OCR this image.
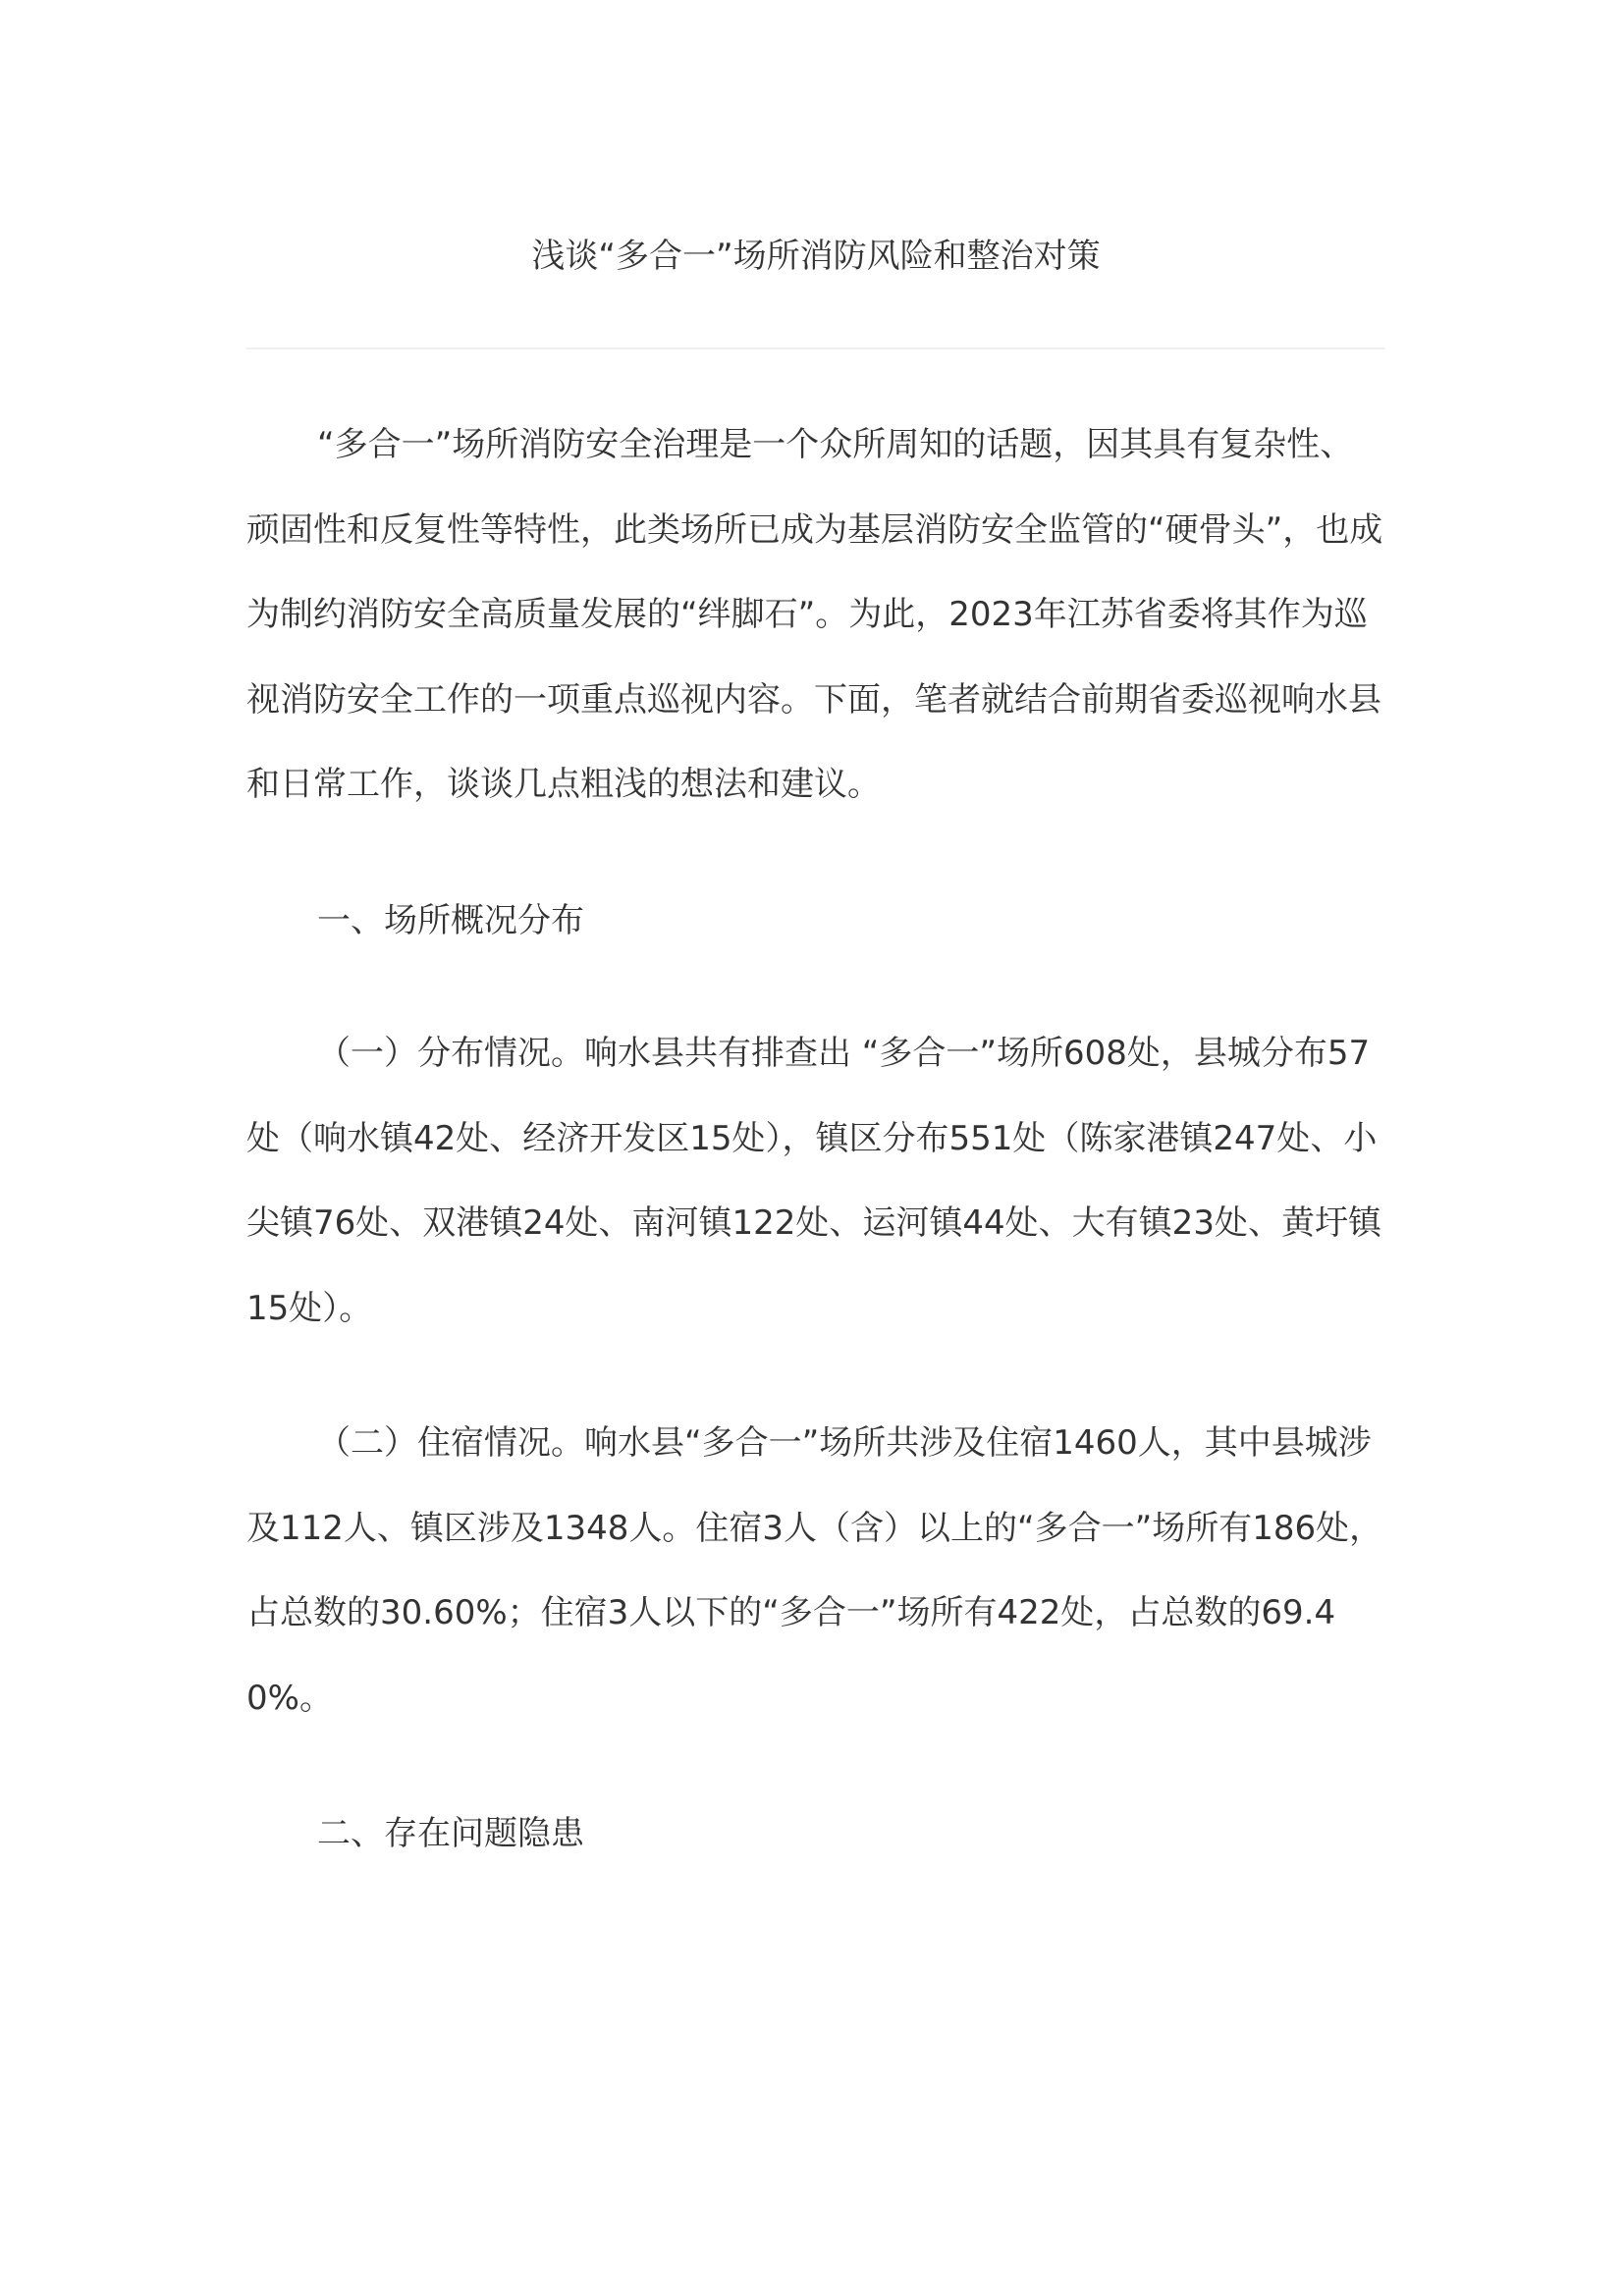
浅谈“多合一”场所消防风险和整治对策

“多合一”场所消防安全治理是一个众所周知的话题，因其具有复杂性、顽固性和反复性等特性，此类场所已成为基层消防安全监管的“硬骨头”，也成为制约消防安全高质量发展的“绊脚石”。为此，2023年江苏省委将其作为巡视消防安全工作的一项重点巡视内容。下面，笔者就结合前期省委巡视响水县和日常工作，谈谈几点粗浅的想法和建议。

一、场所概况分布

（一）分布情况。响水县共有排查出 “多合一”场所608处，县城分布57处（响水镇42处、经济开发区15处），镇区分布551处（陈家港镇247处、小尖镇76处、双港镇24处、南河镇122处、运河镇44处、大有镇23处、黄圩镇15处）。

（二）住宿情况。响水县“多合一”场所共涉及住宿1460人，其中县城涉及112人、镇区涉及1348人。住宿3人（含）以上的“多合一”场所有186处，占总数的30.60%；住宿3人以下的“多合一”场所有422处，占总数的69.40%。

二、存在问题隐患
